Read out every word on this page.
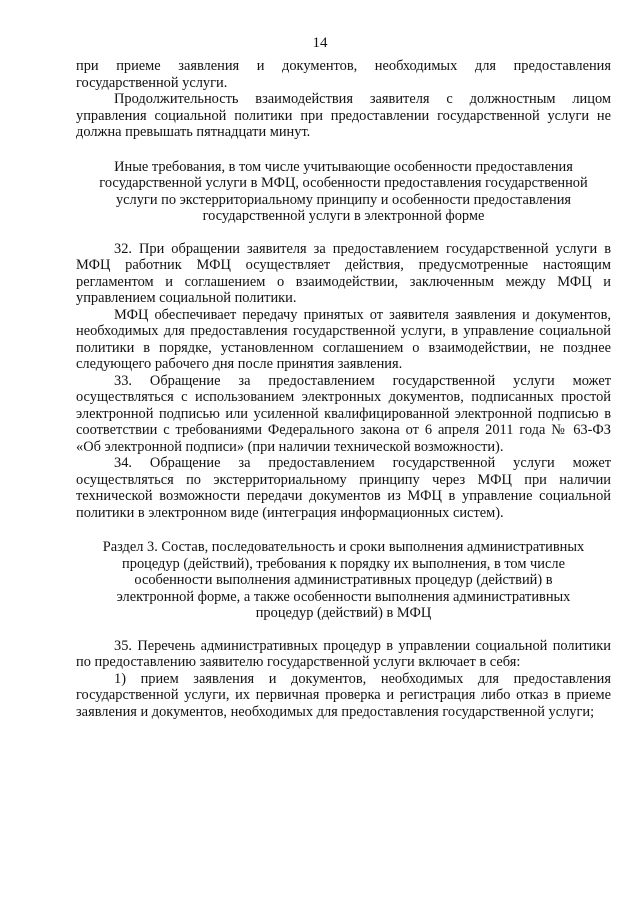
14

при приеме заявления и документов, необходимых для предоставления государственной услуги.

Продолжительность взаимодействия заявителя с должностным лицом управления социальной политики при предоставлении государственной услуги не должна превышать пятнадцати минут.

Иные требования, в том числе учитывающие особенности предоставления государственной услуги в МФЦ, особенности предоставления государственной услуги по экстерриториальному принципу и особенности предоставления государственной услуги в электронной форме

32. При обращении заявителя за предоставлением государственной услуги в МФЦ работник МФЦ осуществляет действия, предусмотренные настоящим регламентом и соглашением о взаимодействии, заключенным между МФЦ и управлением социальной политики.

МФЦ обеспечивает передачу принятых от заявителя заявления и документов, необходимых для предоставления государственной услуги, в управление социальной политики в порядке, установленном соглашением о взаимодействии, не позднее следующего рабочего дня после принятия заявления.

33. Обращение за предоставлением государственной услуги может осуществляться с использованием электронных документов, подписанных простой электронной подписью или усиленной квалифицированной электронной подписью в соответствии с требованиями Федерального закона от 6 апреля 2011 года № 63-ФЗ «Об электронной подписи» (при наличии технической возможности).

34. Обращение за предоставлением государственной услуги может осуществляться по экстерриториальному принципу через МФЦ при наличии технической возможности передачи документов из МФЦ в управление социальной политики в электронном виде (интеграция информационных систем).

Раздел 3. Состав, последовательность и сроки выполнения административных процедур (действий), требования к порядку их выполнения, в том числе особенности выполнения административных процедур (действий) в электронной форме, а также особенности выполнения административных процедур (действий) в МФЦ

35. Перечень административных процедур в управлении социальной политики по предоставлению заявителю государственной услуги включает в себя:

1) прием заявления и документов, необходимых для предоставления государственной услуги, их первичная проверка и регистрация либо отказ в приеме заявления и документов, необходимых для предоставления государственной услуги;
